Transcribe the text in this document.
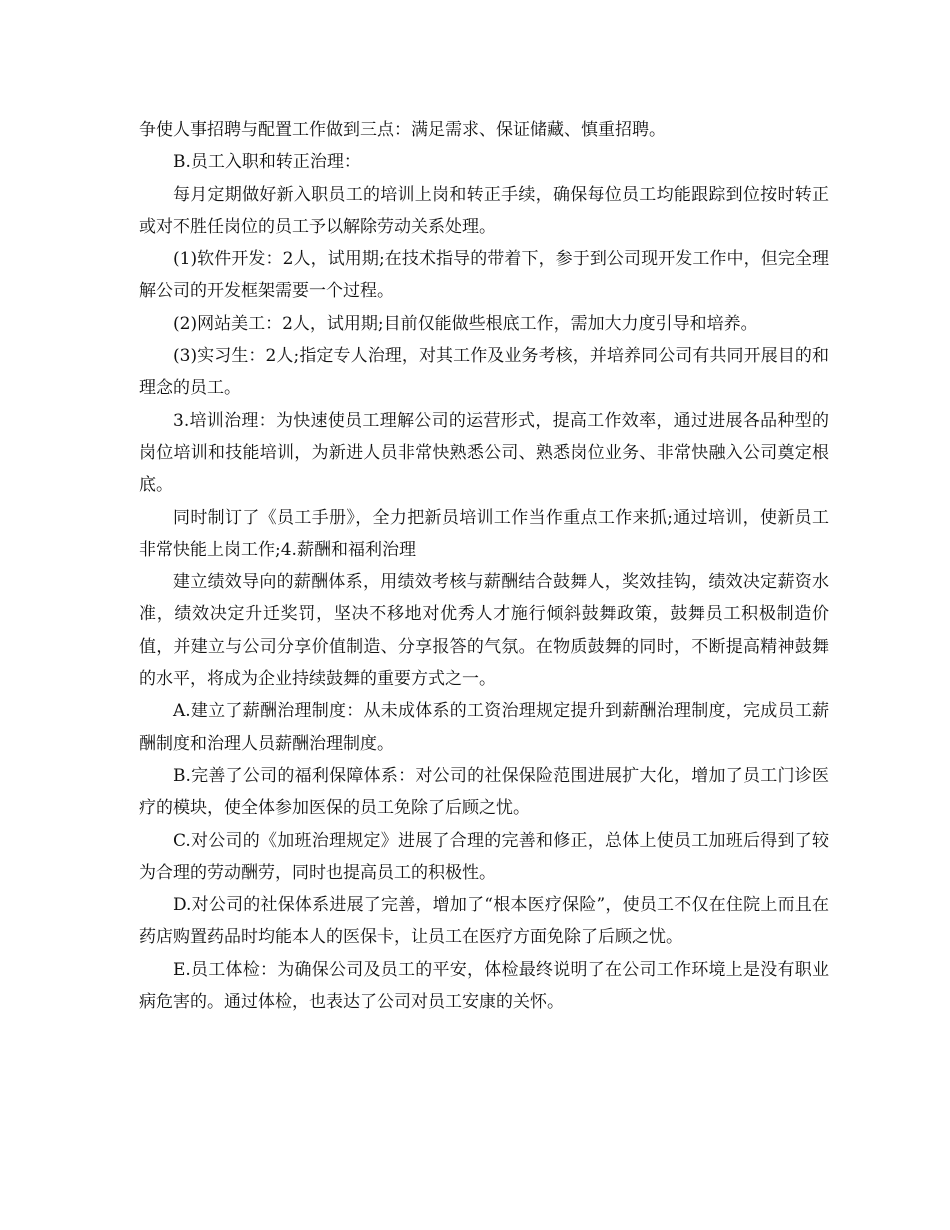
争使人事招聘与配置工作做到三点：满足需求、保证储藏、慎重招聘。

B.员工入职和转正治理：

每月定期做好新入职员工的培训上岗和转正手续，确保每位员工均能跟踪到位按时转正或对不胜任岗位的员工予以解除劳动关系处理。

(1)软件开发：2人，试用期;在技术指导的带着下，参于到公司现开发工作中，但完全理解公司的开发框架需要一个过程。

(2)网站美工：2人，试用期;目前仅能做些根底工作，需加大力度引导和培养。

(3)实习生：2人;指定专人治理，对其工作及业务考核，并培养同公司有共同开展目的和理念的员工。

3.培训治理：为快速使员工理解公司的运营形式，提高工作效率，通过进展各品种型的岗位培训和技能培训，为新进人员非常快熟悉公司、熟悉岗位业务、非常快融入公司奠定根底。

同时制订了《员工手册》，全力把新员培训工作当作重点工作来抓;通过培训，使新员工非常快能上岗工作;4.薪酬和福利治理

建立绩效导向的薪酬体系，用绩效考核与薪酬结合鼓舞人，奖效挂钩，绩效决定薪资水准，绩效决定升迁奖罚，坚决不移地对优秀人才施行倾斜鼓舞政策，鼓舞员工积极制造价值，并建立与公司分享价值制造、分享报答的气氛。在物质鼓舞的同时，不断提高精神鼓舞的水平，将成为企业持续鼓舞的重要方式之一。

A.建立了薪酬治理制度：从未成体系的工资治理规定提升到薪酬治理制度，完成员工薪酬制度和治理人员薪酬治理制度。

B.完善了公司的福利保障体系：对公司的社保保险范围进展扩大化，增加了员工门诊医疗的模块，使全体参加医保的员工免除了后顾之忧。

C.对公司的《加班治理规定》进展了合理的完善和修正，总体上使员工加班后得到了较为合理的劳动酬劳，同时也提高员工的积极性。

D.对公司的社保体系进展了完善，增加了“根本医疗保险”，使员工不仅在住院上而且在药店购置药品时均能本人的医保卡，让员工在医疗方面免除了后顾之忧。

E.员工体检：为确保公司及员工的平安，体检最终说明了在公司工作环境上是没有职业病危害的。通过体检，也表达了公司对员工安康的关怀。
